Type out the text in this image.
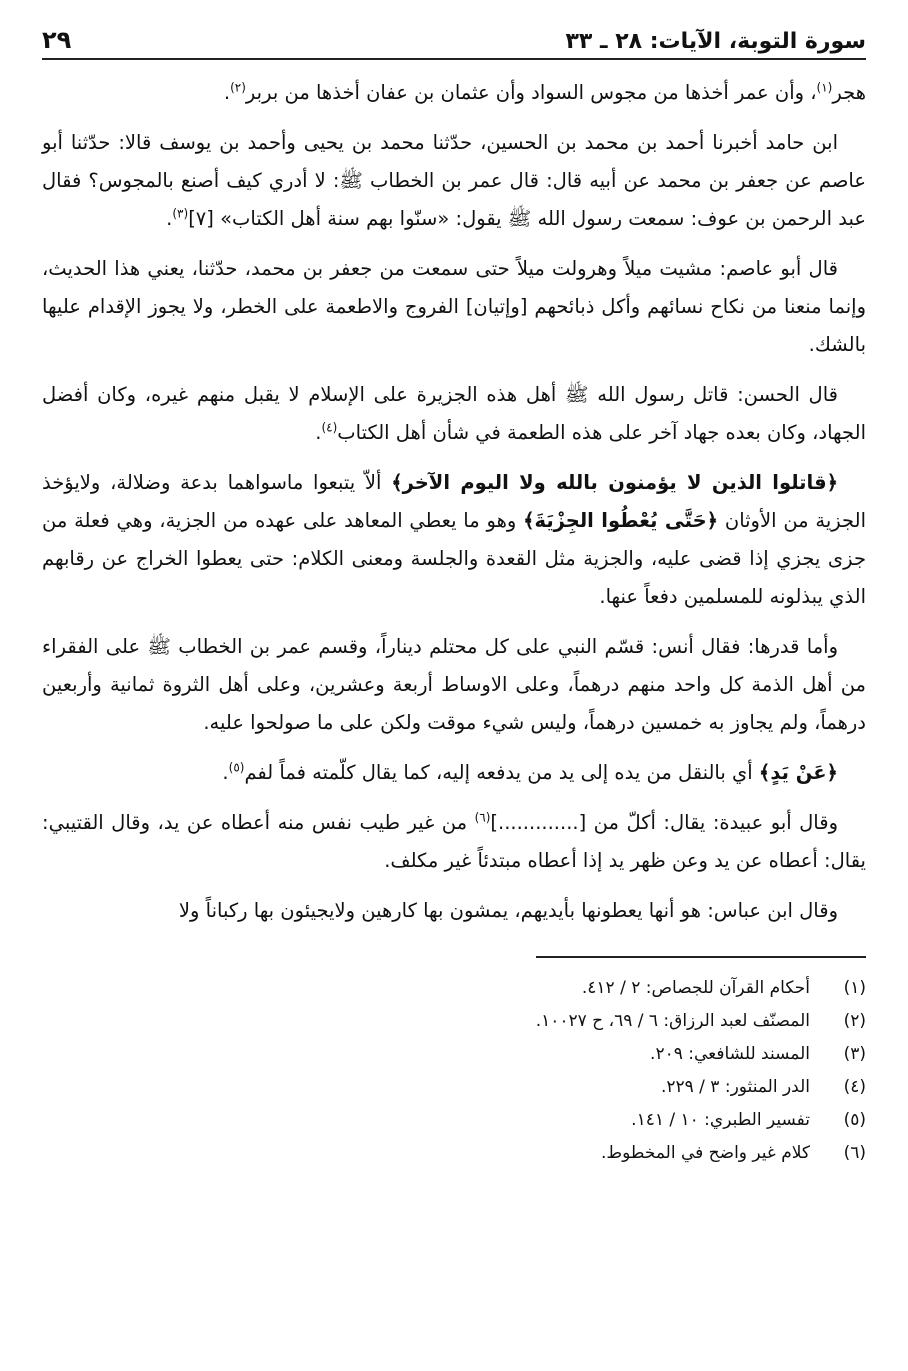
سورة التوبة، الآيات: ٢٨ ـ ٣٣
٢٩

هجر$^{(١)}$، وأن عمر أخذها من مجوس السواد وأن عثمان بن عفان أخذها من بربر$^{(٢)}$.

ابن حامد أخبرنا أحمد بن محمد بن الحسين، حدّثنا محمد بن يحيى وأحمد بن يوسف قالا: حدّثنا أبو عاصم عن جعفر بن محمد عن أبيه قال: قال عمر بن الخطاب ﷺ: لا أدري كيف أصنع بالمجوس؟ فقال عبد الرحمن بن عوف: سمعت رسول الله ﷺ يقول: «سنّوا بهم سنة أهل الكتاب» [٧]$^{(٣)}$.

قال أبو عاصم: مشيت ميلاً وهرولت ميلاً حتى سمعت من جعفر بن محمد، حدّثنا، يعني هذا الحديث، وإنما منعنا من نكاح نسائهم وأكل ذبائحهم [وإتيان] الفروج والاطعمة على الخطر، ولا يجوز الإقدام عليها بالشك.

قال الحسن: قاتل رسول الله ﷺ أهل هذه الجزيرة على الإسلام لا يقبل منهم غيره، وكان أفضل الجهاد، وكان بعده جهاد آخر على هذه الطعمة في شأن أهل الكتاب$^{(٤)}$.

﴿قاتلوا الذين لا يؤمنون بالله ولا اليوم الآخر﴾ ألاّ يتبعوا ماسواهما بدعة وضلالة، ولايؤخذ الجزية من الأوثان ﴿حَتَّى يُعْطُوا الجِزْيَةَ﴾ وهو ما يعطي المعاهد على عهده من الجزية، وهي فعلة من جزى يجزي إذا قضى عليه، والجزية مثل القعدة والجلسة ومعنى الكلام: حتى يعطوا الخراج عن رقابهم الذي يبذلونه للمسلمين دفعاً عنها.

وأما قدرها: فقال أنس: قسّم النبي على كل محتلم ديناراً، وقسم عمر بن الخطاب ﷺ على الفقراء من أهل الذمة كل واحد منهم درهماً، وعلى الاوساط أربعة وعشرين، وعلى أهل الثروة ثمانية وأربعين درهماً، ولم يجاوز به خمسين درهماً، وليس شيء موقت ولكن على ما صولحوا عليه.

﴿عَنْ يَدٍ﴾ أي بالنقل من يده إلى يد من يدفعه إليه، كما يقال كلّمته فماً لفم$^{(٥)}$.

وقال أبو عبيدة: يقال: أكلّ من [.............]$^{(٦)}$ من غير طيب نفس منه أعطاه عن يد، وقال القتيبي: يقال: أعطاه عن يد وعن ظهر يد إذا أعطاه مبتدئاً غير مكلف.

وقال ابن عباس: هو أنها يعطونها بأيديهم، يمشون بها كارهين ولايجيئون بها ركباناً ولا

(١)
أحكام القرآن للجصاص: ٢ / ٤١٢.
(٢)
المصنّف لعبد الرزاق: ٦ / ٦٩، ح ١٠٠٢٧.
(٣)
المسند للشافعي: ٢٠٩.
(٤)
الدر المنثور: ٣ / ٢٢٩.
(٥)
تفسير الطبري: ١٠ / ١٤١.
(٦)
كلام غير واضح في المخطوط.
